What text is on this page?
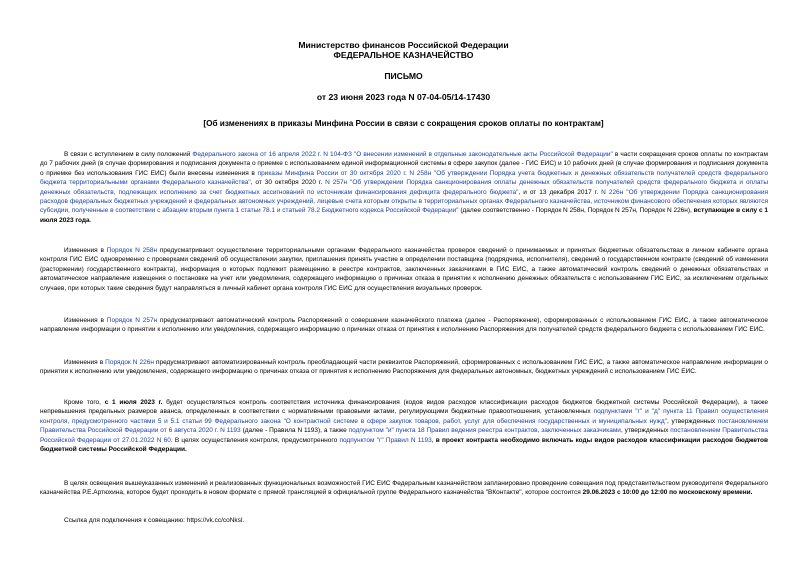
Министерство финансов Российской Федерации
ФЕДЕРАЛЬНОЕ КАЗНАЧЕЙСТВО
ПИСЬМО
от 23 июня 2023 года N 07-04-05/14-17430
[Об изменениях в приказы Минфина России в связи с сокращения сроков оплаты по контрактам]

В связи с вступлением в силу положений Федерального закона от 16 апреля 2022 г. N 104-ФЗ "О внесении изменений в отдельные законодательные акты Российской Федерации" в части сокращения сроков оплаты по контрактам до 7 рабочих дней (в случае формирования и подписания документа о приемке с использованием единой информационной системы в сфере закупок (далее - ГИС ЕИС) и 10 рабочих дней (в случае формирования и подписания документа о приемке без использования ГИС ЕИС) были внесены изменения в приказы Минфина России от 30 октября 2020 г. N 258н "Об утверждении Порядка учета бюджетных и денежных обязательств получателей средств федерального бюджета территориальными органами Федерального казначейства", от 30 октября 2020 г. N 257н "Об утверждении Порядка санкционирования оплаты денежных обязательств получателей средств федерального бюджета и оплаты денежных обязательств, подлежащих исполнению за счет бюджетных ассигнований по источникам финансирования дефицита федерального бюджета", и от 13 декабря 2017 г. N 226н "Об утверждении Порядка санкционирования расходов федеральных бюджетных учреждений и федеральных автономных учреждений, лицевые счета которым открыты в территориальных органах Федерального казначейства, источником финансового обеспечения которых являются субсидии, полученные в соответствии с абзацем вторым пункта 1 статьи 78.1 и статьей 78.2 Бюджетного кодекса Российской Федерации" (далее соответственно - Порядок N 258н, Порядок N 257н, Порядок N 226н), вступающие в силу с 1 июля 2023 года.

Изменения в Порядок N 258н предусматривают осуществление территориальными органами Федерального казначейства проверок сведений о принимаемых и принятых бюджетных обязательствах в личном кабинете органа контроля ГИС ЕИС одновременно с проверками сведений об осуществлении закупки, приглашения принять участие в определении поставщика (подрядчика, исполнителя), сведений о государственном контракте (сведений об изменении (расторжении) государственного контракта), информация о которых подлежит размещению в реестре контрактов, заключенных заказчиками в ГИС ЕИС, а также автоматический контроль сведений о денежных обязательствах и автоматическое направление извещения о постановке на учет или уведомления, содержащего информацию о причинах отказа в принятии к исполнению денежных обязательств с использованием ГИС ЕИС, за исключением отдельных случаев, при которых такие сведения будут направляться в личный кабинет органа контроля ГИС ЕИС для осуществления визуальных проверок.

Изменения в Порядок N 257н предусматривают автоматический контроль Распоряжений о совершении казначейского платежа (далее - Распоряжение), сформированных с использованием ГИС ЕИС, а также автоматическое направление информации о принятии к исполнению или уведомления, содержащего информацию о причинах отказа от принятия к исполнению Распоряжения для получателей средств федерального бюджета с использованием ГИС ЕИС.

Изменения в Порядок N 226н предусматривают автоматизированный контроль преобладающей части реквизитов Распоряжений, сформированных с использованием ГИС ЕИС, а также автоматическое направление информации о принятии к исполнению или уведомления, содержащего информацию о причинах отказа от принятия к исполнению Распоряжения для федеральных автономных, бюджетных учреждений с использованием ГИС ЕИС.

Кроме того, с 1 июля 2023 г. будет осуществляться контроль соответствия источника финансирования (кодов видов расходов классификации расходов бюджетов бюджетной системы Российской Федерации), а также непревышения предельных размеров аванса, определенных в соответствии с нормативными правовыми актами, регулирующими бюджетные правоотношения, установленных подпунктами "г" и "д" пункта 11 Правил осуществления контроля, предусмотренного частями 5 и 5.1 статьи 99 Федерального закона "О контрактной системе в сфере закупок товаров, работ, услуг для обеспечения государственных и муниципальных нужд", утвержденных постановлением Правительства Российской Федерации от 6 августа 2020 г. N 1193 (далее - Правила N 1193), а также подпунктом "и" пункта 18 Правил ведения реестра контрактов, заключенных заказчиками, утвержденных постановлением Правительства Российской Федерации от 27.01.2022 N 60. В целях осуществления контроля, предусмотренного подпунктом "г" Правил N 1193, в проект контракта необходимо включать коды видов расходов классификации расходов бюджетов бюджетной системы Российской Федерации.

В целях освещения вышеуказанных изменений и реализованных функциональных возможностей ГИС ЕИС Федеральным казначейством запланировано проведение совещания под представительством руководителя Федерального казначейства Р.Е.Артюхина, которое будет проходить в новом формате с прямой трансляцией в официальной группе Федерального казначейства "ВКонтакте", которое состоится 29.06.2023 с 10:00 до 12:00 по московскому времени.

Ссылка для подключения к совещанию: https://vk.cc/coNksI.
